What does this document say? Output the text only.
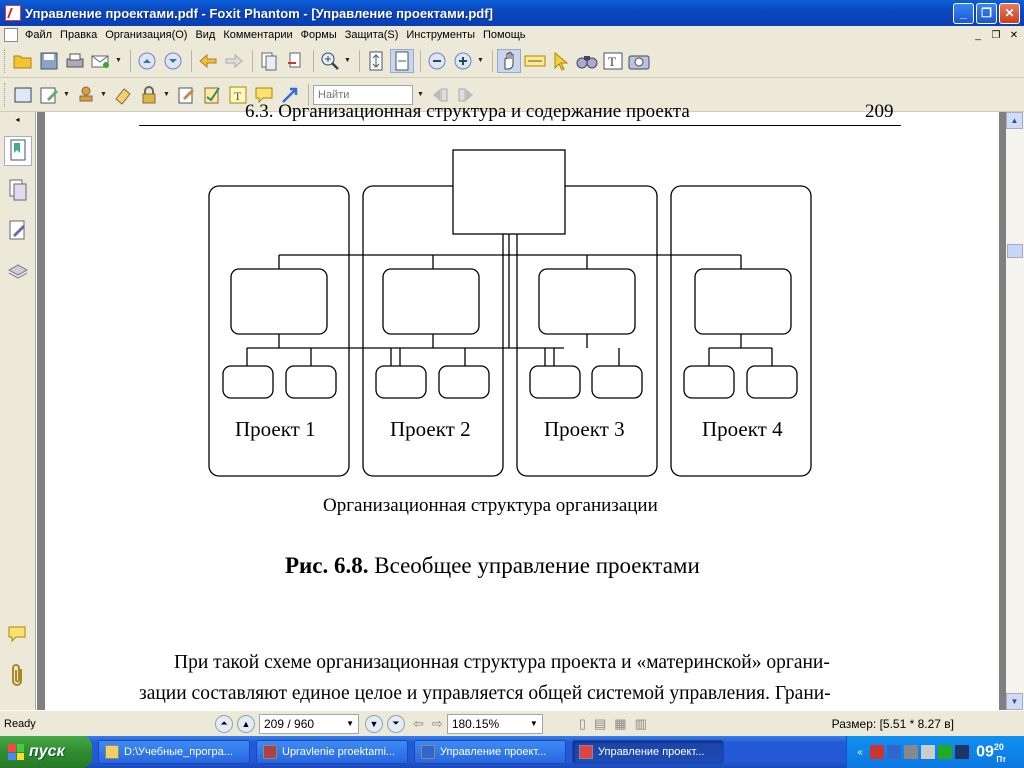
Управление проектами.pdf - Foxit Phantom - [Управление проектами.pdf]	_	❐	✕
Файл Правка Организация(O) Вид Комментарии Формы Защита(S) Инструменты Помощь	_	❐ ✕
▼	▼	▼	T
▼	▼	▼	T
Найти	▼
◂	6.3. Организационная структура и содержание проекта	209
Проект 1	Проект 2	Проект 3	Проект 4
Организационная структура организации
Рис. 6.8. Всеобщее управление проектами
При такой схеме организационная структура проекта и «материнской» органи-
зации составляют единое целое и управляется общей системой управления. Грани-
▲
▼
Ready	⏶	▲	209 / 960	▼	▼	⏷	⇦ ⇨ 180.15%	▼	▯ ▤ ▦ ▥	Размер: [5.51 * 8.27 в]
пуск	D:\Учебные_програ...	Upravlenie proektami...	Управление проект...	Управление проект...	«	$09^{20}$ $_{Пт}$
